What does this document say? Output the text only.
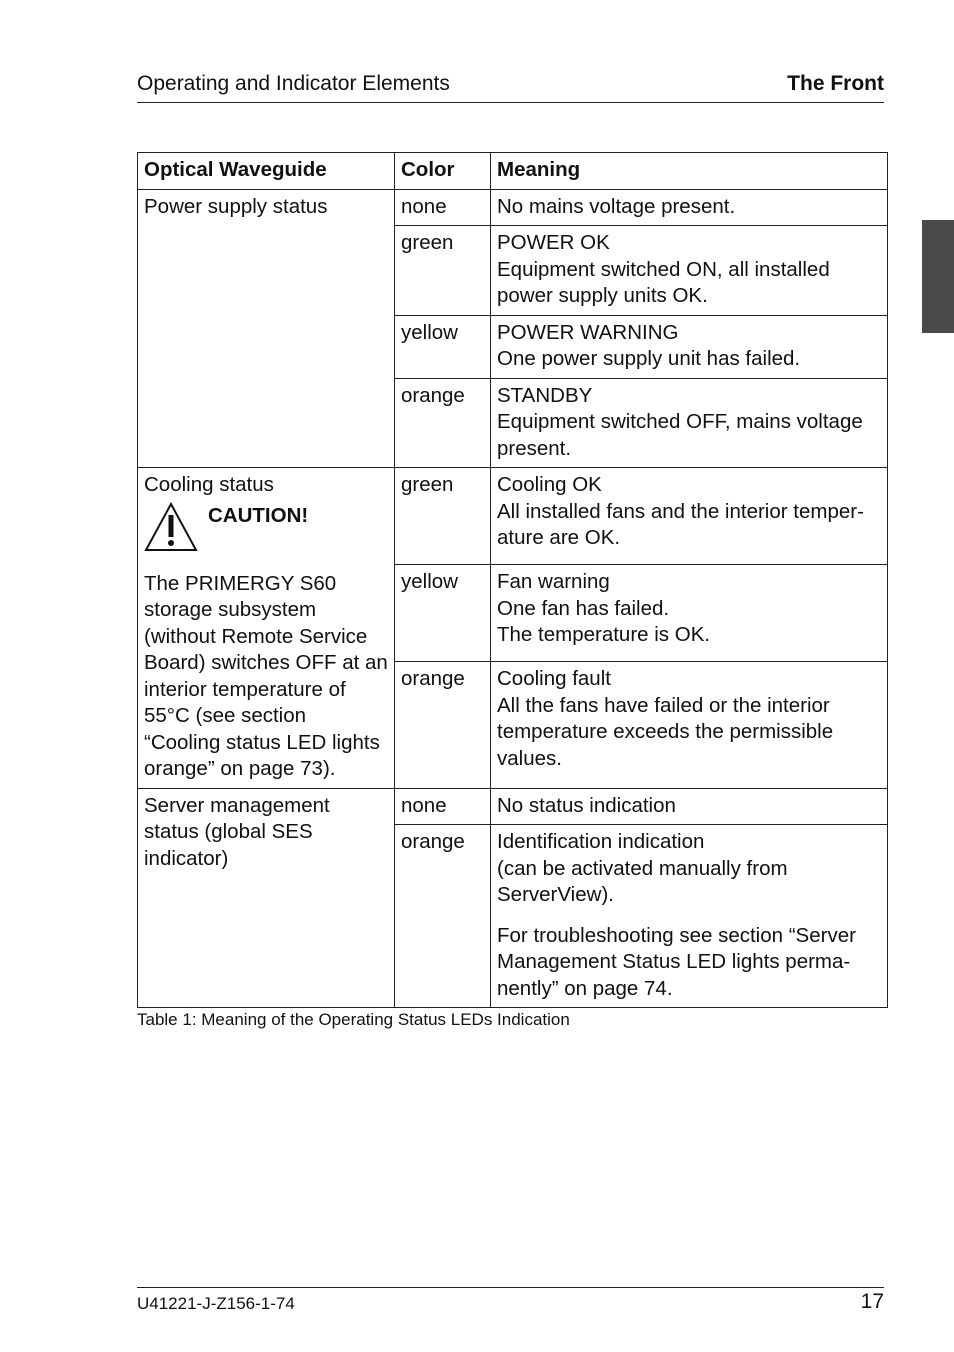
Operating and Indicator Elements	The Front
Optical Waveguide	Color	Meaning
Power supply status	none	No mains voltage present.

	green	POWER OK
Equipment switched ON, all installed power supply units OK.

	yellow	POWER WARNING
One power supply unit has failed.

	orange	STANDBY
Equipment switched OFF, mains voltage present.

Cooling status
CAUTION!
The PRIMERGY S60 storage subsystem (without Remote Service Board) switches OFF at an interior temperature of 55°C (see section “Cooling status LED lights orange” on page 73).	green	Cooling OK
All installed fans and the interior temper-ature are OK.

	yellow	Fan warning
One fan has failed.
The temperature is OK.

	orange	Cooling fault
All the fans have failed or the interior temperature exceeds the permissible values.

Server management status (global SES indicator)	none	No status indication

	orange	Identification indication
(can be activated manually from ServerView).
For troubleshooting see section “Server Management Status LED lights perma-nently” on page 74.
Table 1: Meaning of the Operating Status LEDs Indication
U41221-J-Z156-1-74	17
